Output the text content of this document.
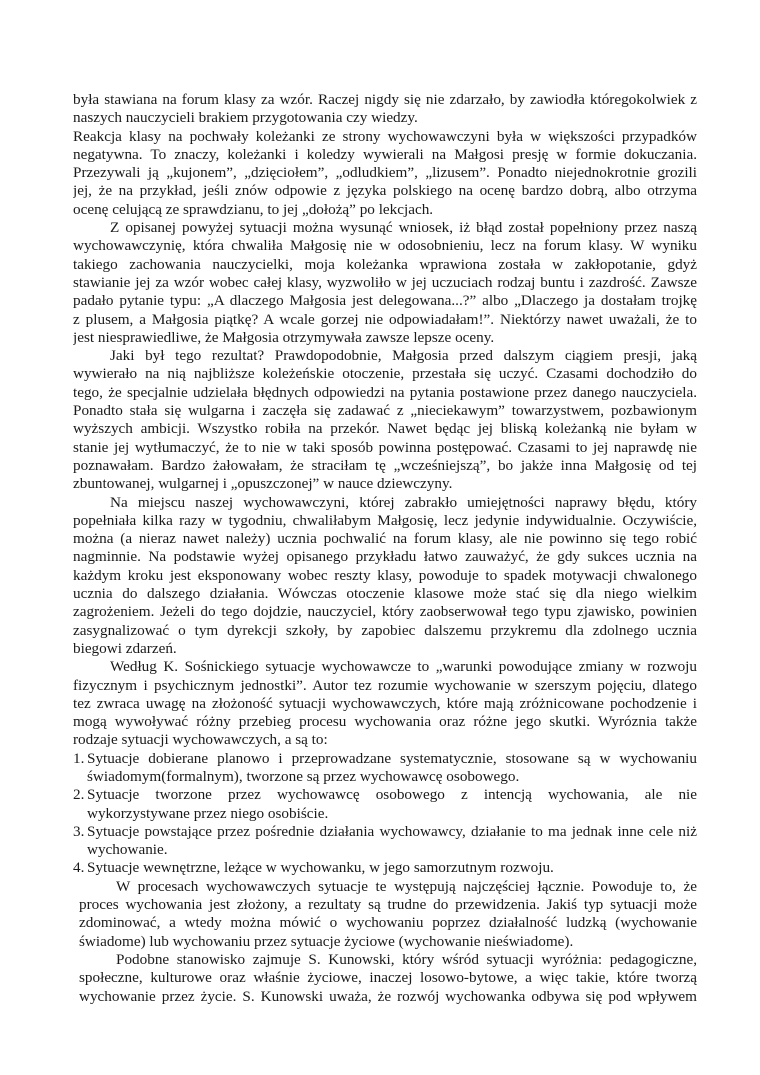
była stawiana na forum klasy za wzór. Raczej nigdy się nie zdarzało, by zawiodła któregokolwiek z
naszych nauczycieli brakiem przygotowania czy wiedzy.
Reakcja klasy na pochwały koleżanki ze strony wychowawczyni była w większości przypadków
negatywna. To znaczy, koleżanki i koledzy wywierali na Małgosi presję w formie dokuczania.
Przezywali ją „kujonem”, „dzięciołem”, „odludkiem”, „lizusem”. Ponadto niejednokrotnie grozili
jej, że na przykład, jeśli znów odpowie z języka polskiego na ocenę bardzo dobrą, albo otrzyma
ocenę celującą ze sprawdzianu, to jej „dołożą” po lekcjach.
Z opisanej powyżej sytuacji można wysunąć wniosek, iż błąd został popełniony przez naszą
wychowawczynię, która chwaliła Małgosię nie w odosobnieniu, lecz na forum klasy. W wyniku
takiego zachowania nauczycielki, moja koleżanka wprawiona została w zakłopotanie, gdyż
stawianie jej za wzór wobec całej klasy, wyzwoliło w jej uczuciach rodzaj buntu i zazdrość. Zawsze
padało pytanie typu: „A dlaczego Małgosia jest delegowana...?” albo „Dlaczego ja dostałam trojkę
z plusem, a Małgosia piątkę? A wcale gorzej nie odpowiadałam!”. Niektórzy nawet uważali, że to
jest niesprawiedliwe, że Małgosia otrzymywała zawsze lepsze oceny.
Jaki był tego rezultat? Prawdopodobnie, Małgosia przed dalszym ciągiem presji, jaką
wywierało na nią najbliższe koleżeńskie otoczenie, przestała się uczyć. Czasami dochodziło do
tego, że specjalnie udzielała błędnych odpowiedzi na pytania postawione przez danego nauczyciela.
Ponadto stała się wulgarna i zaczęła się zadawać z „nieciekawym” towarzystwem, pozbawionym
wyższych ambicji. Wszystko robiła na przekór. Nawet będąc jej bliską koleżanką nie byłam w
stanie jej wytłumaczyć, że to nie w taki sposób powinna postępować. Czasami to jej naprawdę nie
poznawałam. Bardzo żałowałam, że straciłam tę „wcześniejszą”, bo jakże inna Małgosię od tej
zbuntowanej, wulgarnej i „opuszczonej” w nauce dziewczyny.
Na miejscu naszej wychowawczyni, której zabrakło umiejętności naprawy błędu, który
popełniała kilka razy w tygodniu, chwaliłabym Małgosię, lecz jedynie indywidualnie. Oczywiście,
można (a nieraz nawet należy) ucznia pochwalić na forum klasy, ale nie powinno się tego robić
nagminnie. Na podstawie wyżej opisanego przykładu łatwo zauważyć, że gdy sukces ucznia na
każdym kroku jest eksponowany wobec reszty klasy, powoduje to spadek motywacji chwalonego
ucznia do dalszego działania. Wówczas otoczenie klasowe może stać się dla niego wielkim
zagrożeniem. Jeżeli do tego dojdzie, nauczyciel, który zaobserwował tego typu zjawisko, powinien
zasygnalizować o tym dyrekcji szkoły, by zapobiec dalszemu przykremu dla zdolnego ucznia
biegowi zdarzeń.
Według K. Sośnickiego sytuacje wychowawcze to „warunki powodujące zmiany w rozwoju
fizycznym i psychicznym jednostki”. Autor tez rozumie wychowanie w szerszym pojęciu, dlatego
tez zwraca uwagę na złożoność sytuacji wychowawczych, które mają zróżnicowane pochodzenie i
mogą wywoływać różny przebieg procesu wychowania oraz różne jego skutki. Wyróznia także
rodzaje sytuacji wychowawczych, a są to:
1. Sytuacje dobierane planowo i przeprowadzane systematycznie, stosowane są w wychowaniu
świadomym(formalnym), tworzone są przez wychowawcę osobowego.
2. Sytuacje tworzone przez wychowawcę osobowego z intencją wychowania, ale nie
wykorzystywane przez niego osobiście.
3. Sytuacje powstające przez pośrednie działania wychowawcy, działanie to ma jednak inne cele niż
wychowanie.
4. Sytuacje wewnętrzne, leżące w wychowanku, w jego samorzutnym rozwoju.
W procesach wychowawczych sytuacje te występują najczęściej łącznie. Powoduje to, że
proces wychowania jest złożony, a rezultaty są trudne do przewidzenia. Jakiś typ sytuacji może
zdominować, a wtedy można mówić o wychowaniu poprzez działalność ludzką (wychowanie
świadome) lub wychowaniu przez sytuacje życiowe (wychowanie nieświadome).
Podobne stanowisko zajmuje S. Kunowski, który wśród sytuacji wyróżnia: pedagogiczne,
społeczne, kulturowe oraz właśnie życiowe, inaczej losowo-bytowe, a więc takie, które tworzą
wychowanie przez życie. S. Kunowski uważa, że rozwój wychowanka odbywa się pod wpływem
